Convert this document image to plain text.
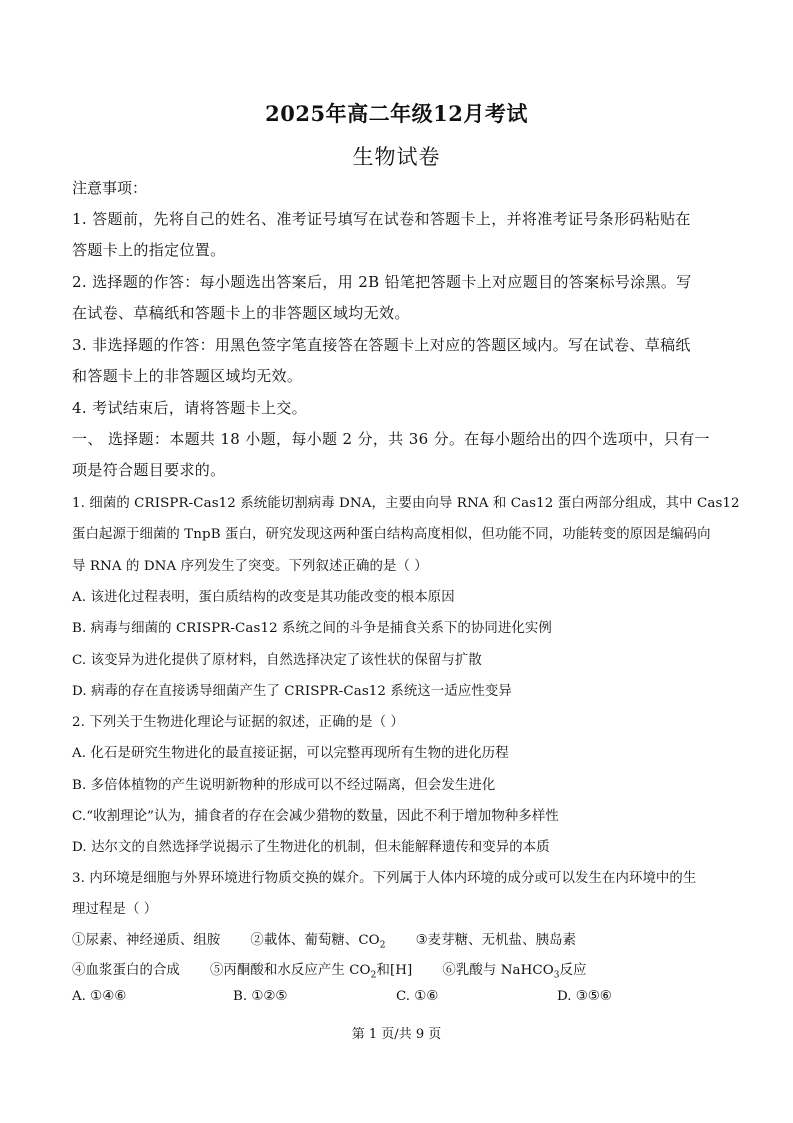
2025年高二年级12月考试
生物试卷
注意事项：
1. 答题前，先将自己的姓名、准考证号填写在试卷和答题卡上，并将准考证号条形码粘贴在
答题卡上的指定位置。
2. 选择题的作答：每小题选出答案后，用 2B 铅笔把答题卡上对应题目的答案标号涂黑。写
在试卷、草稿纸和答题卡上的非答题区域均无效。
3. 非选择题的作答：用黑色签字笔直接答在答题卡上对应的答题区域内。写在试卷、草稿纸
和答题卡上的非答题区域均无效。
4. 考试结束后，请将答题卡上交。
一、 选择题：本题共 18 小题，每小题 2 分，共 36 分。在每小题给出的四个选项中，只有一
项是符合题目要求的。
1. 细菌的 CRISPR-Cas12 系统能切割病毒 DNA，主要由向导 RNA 和 Cas12 蛋白两部分组成，其中 Cas12
蛋白起源于细菌的 TnpB 蛋白，研究发现这两种蛋白结构高度相似，但功能不同，功能转变的原因是编码向
导 RNA 的 DNA 序列发生了突变。下列叙述正确的是（ ）
A. 该进化过程表明，蛋白质结构的改变是其功能改变的根本原因
B. 病毒与细菌的 CRISPR-Cas12 系统之间的斗争是捕食关系下的协同进化实例
C. 该变异为进化提供了原材料，自然选择决定了该性状的保留与扩散
D. 病毒的存在直接诱导细菌产生了 CRISPR-Cas12 系统这一适应性变异
2. 下列关于生物进化理论与证据的叙述，正确的是（ ）
A. 化石是研究生物进化的最直接证据，可以完整再现所有生物的进化历程
B. 多倍体植物的产生说明新物种的形成可以不经过隔离，但会发生进化
C.“收割理论”认为，捕食者的存在会减少猎物的数量，因此不利于增加物种多样性
D. 达尔文的自然选择学说揭示了生物进化的机制，但未能解释遗传和变异的本质
3. 内环境是细胞与外界环境进行物质交换的媒介。下列属于人体内环境的成分或可以发生在内环境中的生
理过程是（ ）
①尿素、神经递质、组胺 ②載体、葡萄糖、$CO_2$ ③麦芽糖、无机盐、胰岛素
④血浆蛋白的合成 ⑤丙酮酸和水反应产生 $CO_2$和[H] ⑥乳酸与 NaHCO$_3$反应
A. ①④⑥	B. ①②⑤	C. ①⑥	D. ③⑤⑥
第 1 页/共 9 页
